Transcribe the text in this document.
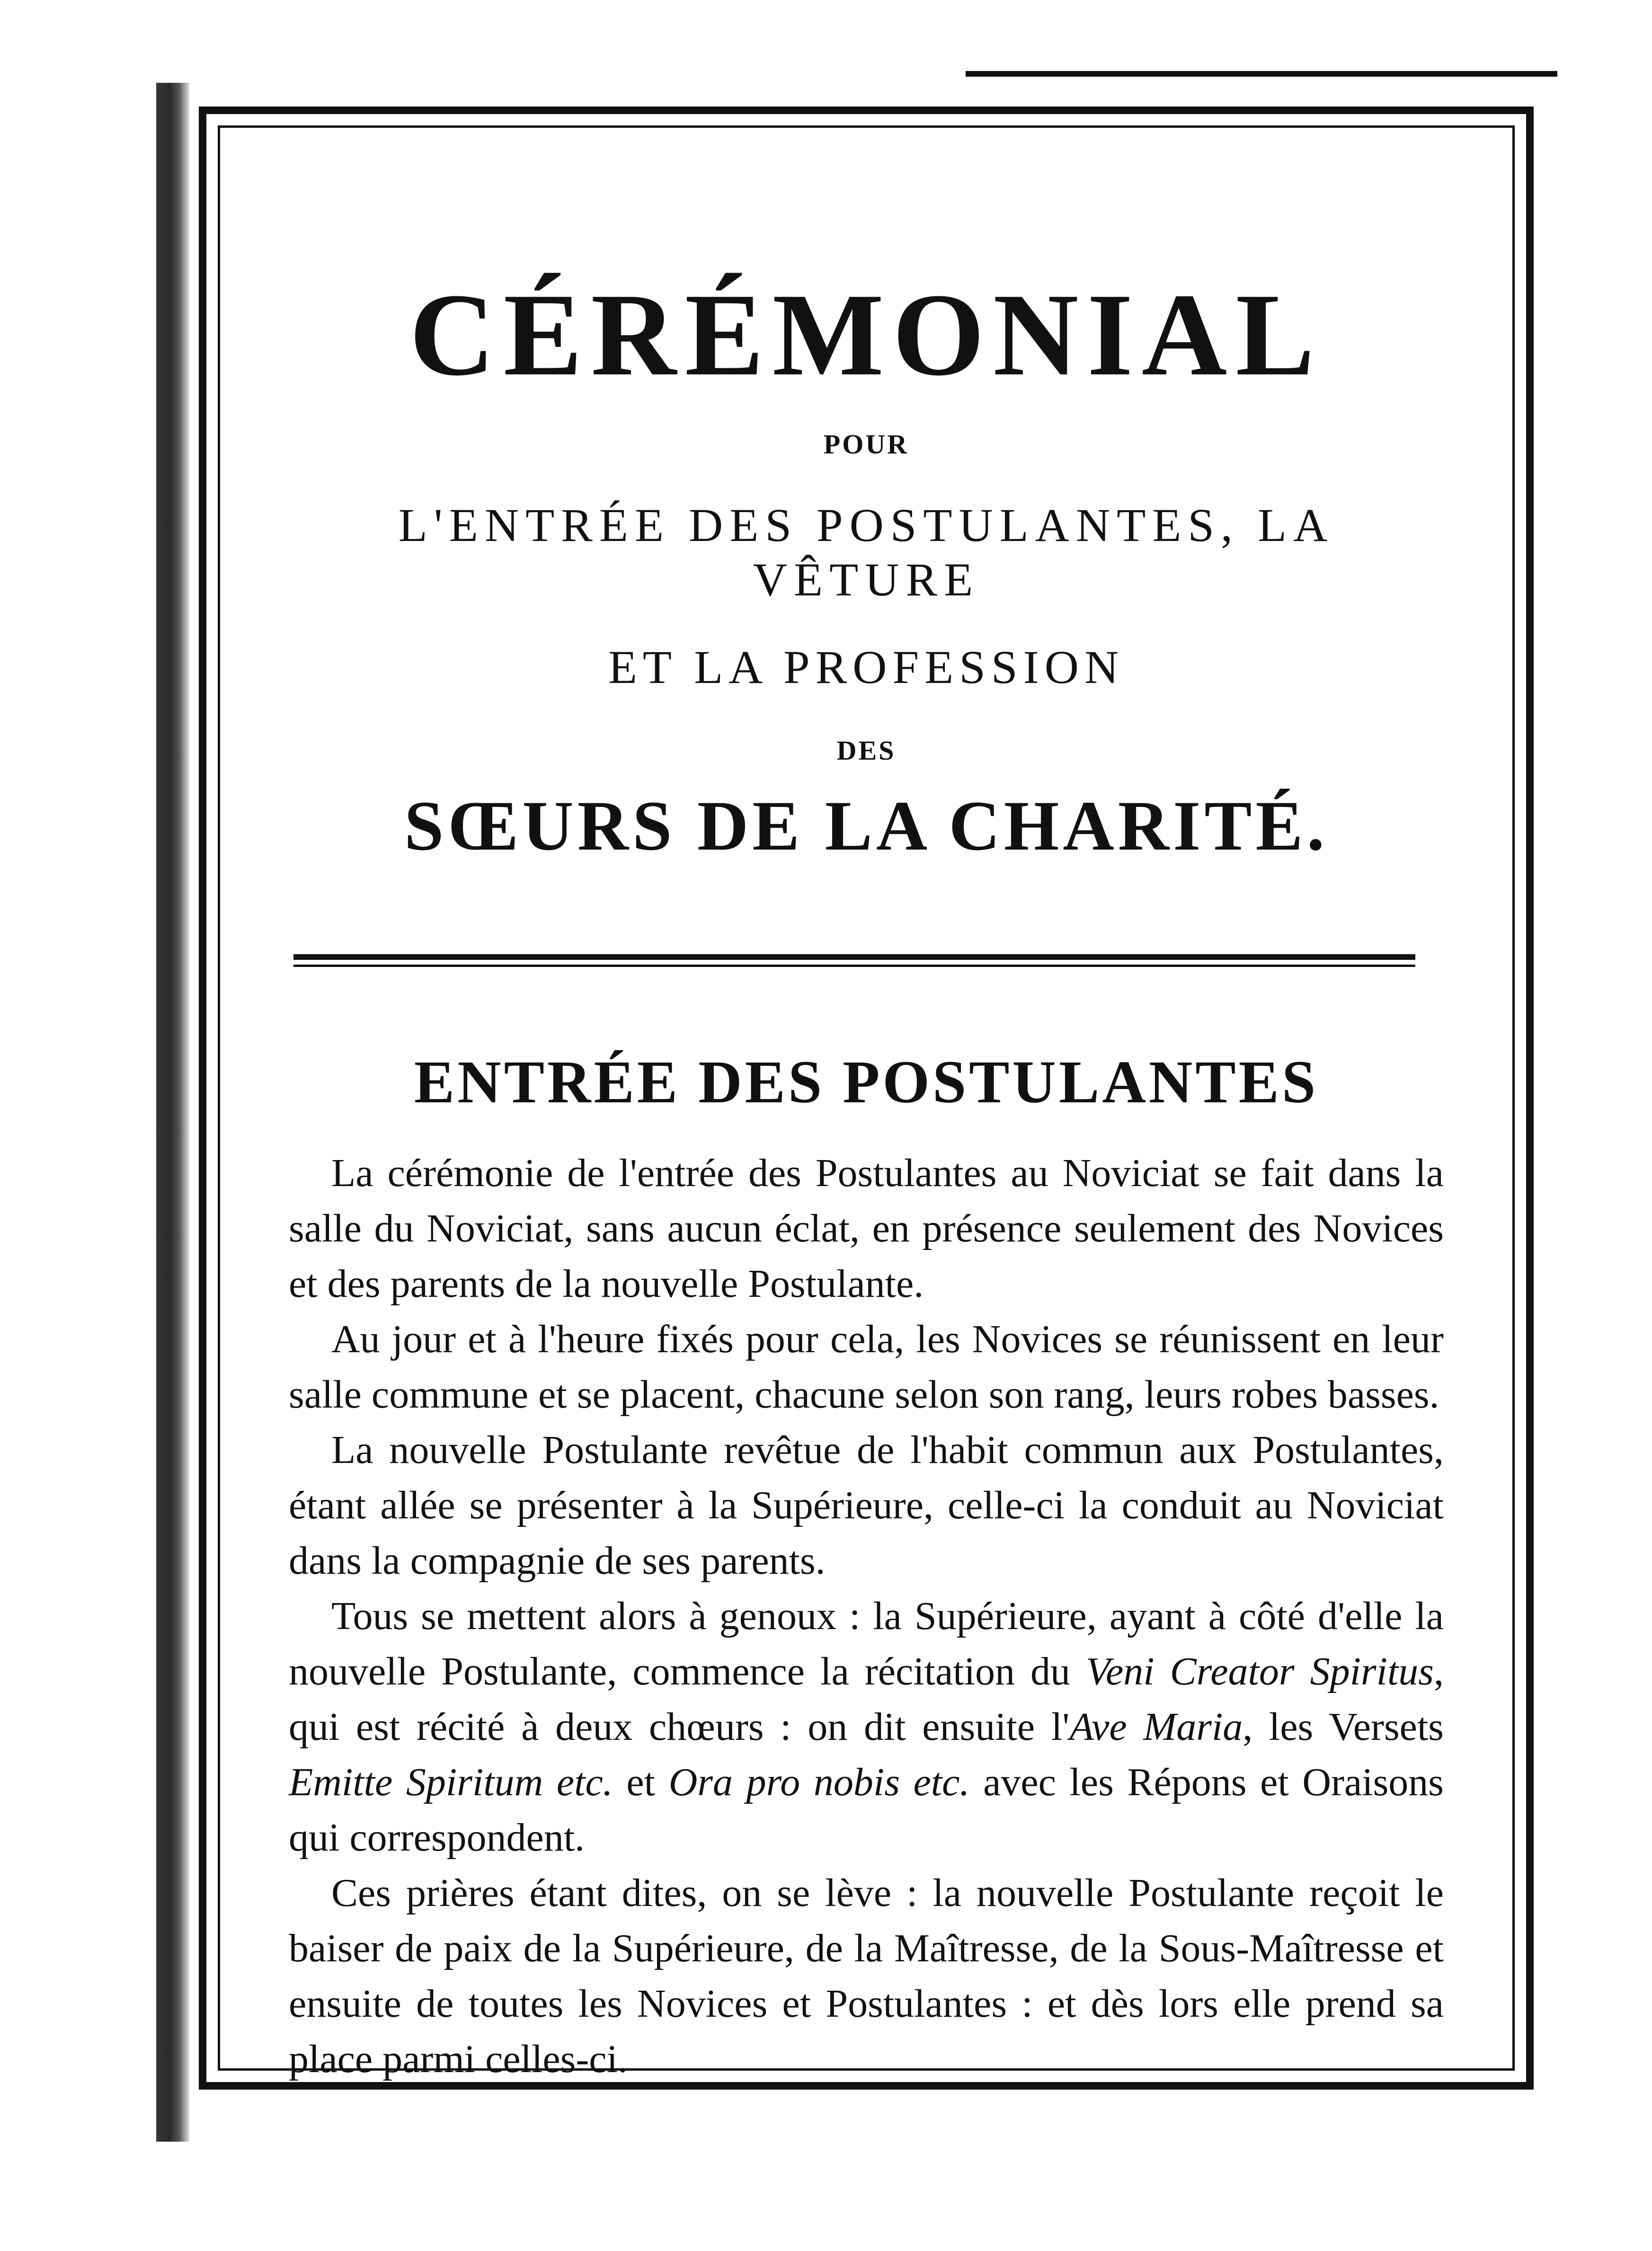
CÉRÉMONIAL
POUR
L'ENTRÉE DES POSTULANTES, LA VÊTURE
ET LA PROFESSION
DES
SŒURS DE LA CHARITÉ.
ENTRÉE DES POSTULANTES

La cérémonie de l'entrée des Postulantes au Noviciat se fait dans la salle du Noviciat, sans aucun éclat, en présence seulement des Novices et des parents de la nouvelle Postulante.

Au jour et à l'heure fixés pour cela, les Novices se réunissent en leur salle commune et se placent, chacune selon son rang, leurs robes basses.

La nouvelle Postulante revêtue de l'habit commun aux Postulantes, étant allée se présenter à la Supérieure, celle-ci la conduit au Noviciat dans la compagnie de ses parents.

Tous se mettent alors à genoux : la Supérieure, ayant à côté d'elle la nouvelle Postulante, commence la récitation du Veni Creator Spiritus, qui est récité à deux chœurs : on dit ensuite l'Ave Maria, les Versets Emitte Spiritum etc. et Ora pro nobis etc. avec les Répons et Oraisons qui correspondent.

Ces prières étant dites, on se lève : la nouvelle Postulante reçoit le baiser de paix de la Supérieure, de la Maîtresse, de la Sous-Maîtresse et ensuite de toutes les Novices et Postulantes : et dès lors elle prend sa place parmi celles-ci.
